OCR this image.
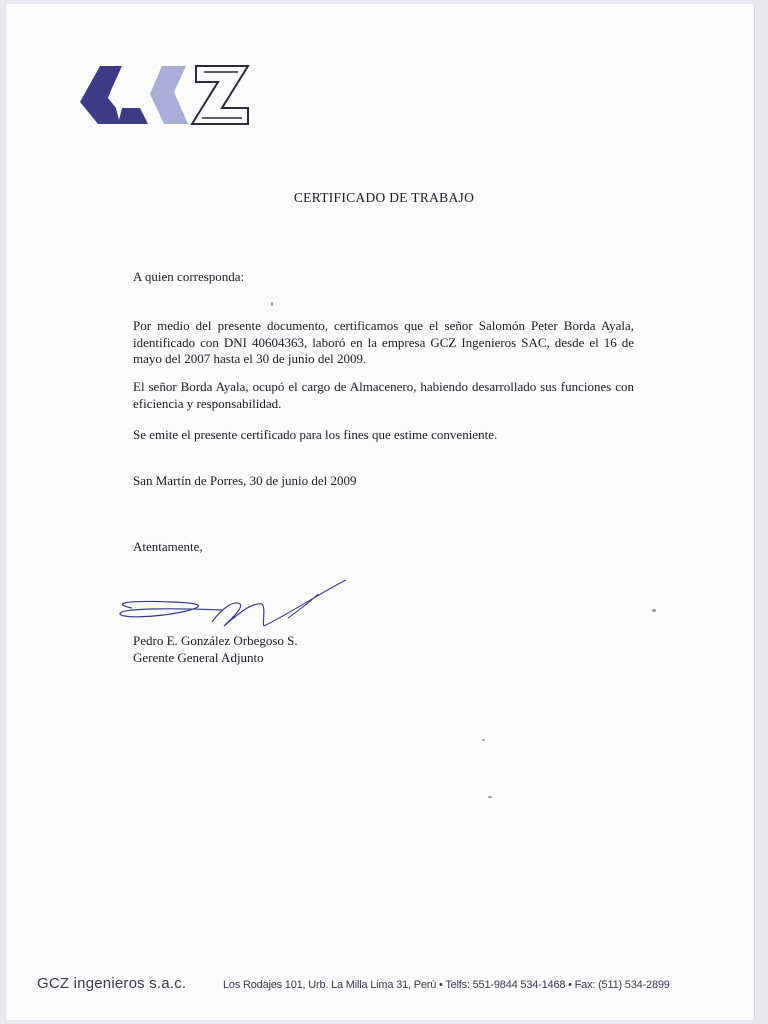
CERTIFICADO DE TRABAJO
A quien corresponda:
Por medio del presente documento, certificamos que el señor Salomón Peter Borda Ayala, identificado con DNI 40604363, laboró en la empresa GCZ Ingenieros SAC, desde el 16 de mayo del 2007 hasta el 30 de junio del 2009.
El señor Borda Ayala, ocupó el cargo de Almacenero, habiendo desarrollado sus funciones con eficiencia y responsabilidad.
Se emite el presente certificado para los fines que estime conveniente.
San Martín de Porres, 30 de junio del 2009
Atentamente,
Pedro E. González Orbegoso S.
Gerente General Adjunto
GCZ ingenieros s.a.c.	Los Rodajes 101, Urb. La Milla Lima 31, Perú • Telfs: 551-9844 534-1468 • Fax: (511) 534-2899
